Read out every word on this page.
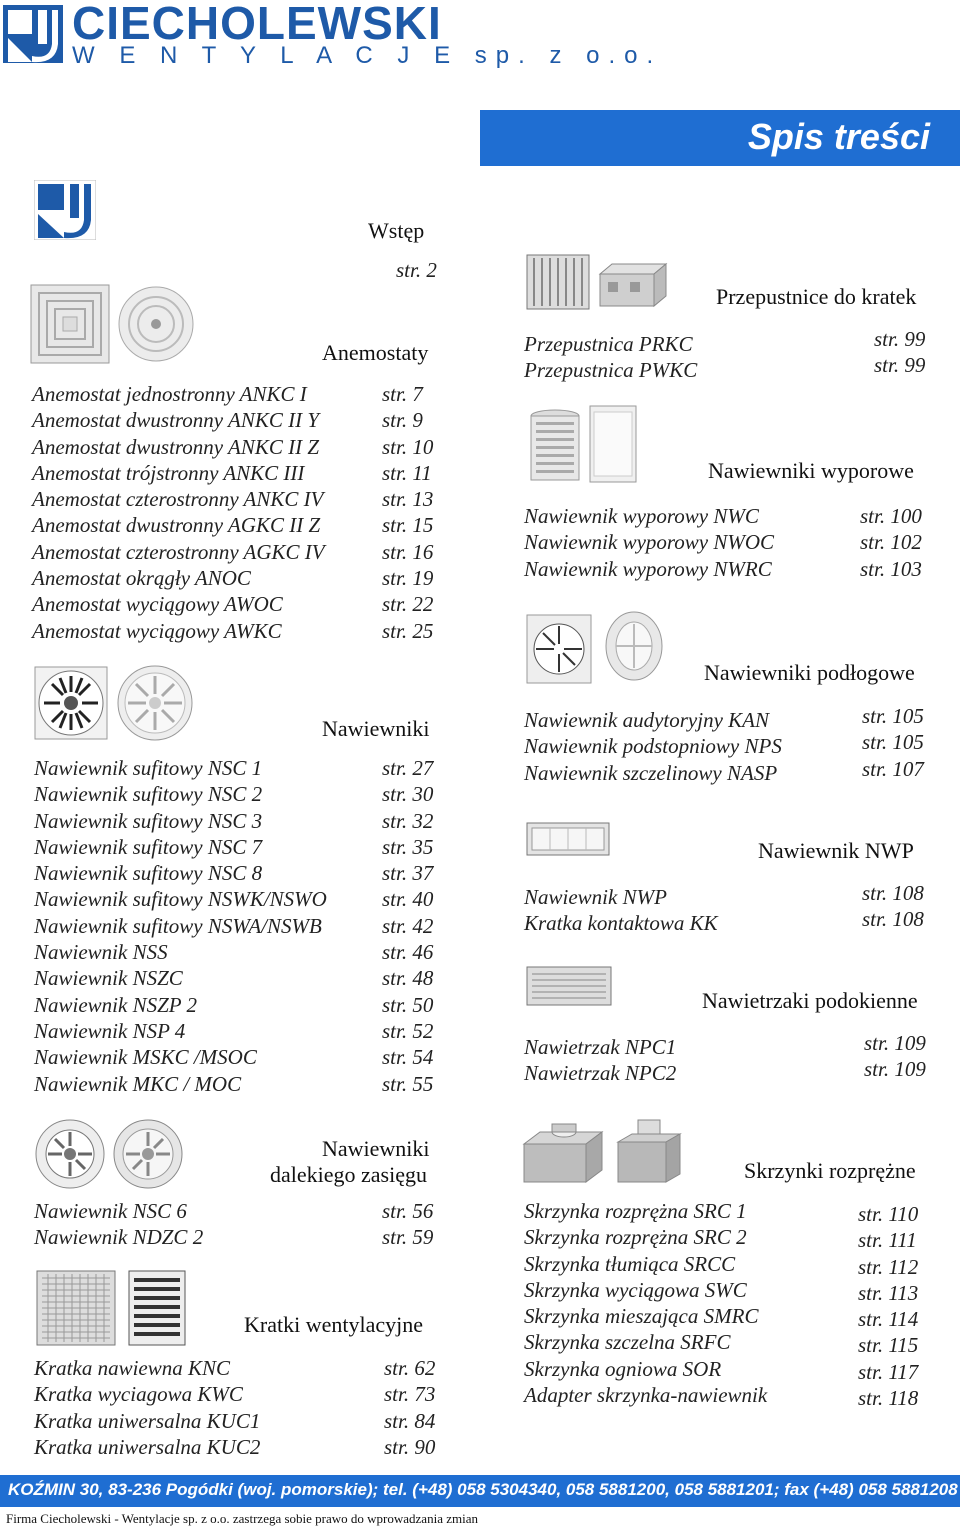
CIECHOLEWSKI
W E N T Y L A C J E sp. z o.o.
Spis treści
Wstęp
str. 2
Anemostaty
Anemostat jednostronny ANKC I
Anemostat dwustronny ANKC II Y
Anemostat dwustronny ANKC II Z
Anemostat trójstronny ANKC III
Anemostat czterostronny ANKC IV
Anemostat dwustronny AGKC II Z
Anemostat czterostronny AGKC IV
Anemostat okrągły ANOC
Anemostat wyciągowy AWOC
Anemostat wyciągowy AWKC
str. 7
str. 9
str. 10
str. 11
str. 13
str. 15
str. 16
str. 19
str. 22
str. 25
Nawiewniki
Nawiewnik sufitowy NSC 1
Nawiewnik sufitowy NSC 2
Nawiewnik sufitowy NSC 3
Nawiewnik sufitowy NSC 7
Nawiewnik sufitowy NSC 8
Nawiewnik sufitowy NSWK/NSWO
Nawiewnik sufitowy NSWA/NSWB
Nawiewnik NSS
Nawiewnik NSZC
Nawiewnik NSZP 2
Nawiewnik NSP 4
Nawiewnik MSKC /MSOC
Nawiewnik MKC / MOC
str. 27
str. 30
str. 32
str. 35
str. 37
str. 40
str. 42
str. 46
str. 48
str. 50
str. 52
str. 54
str. 55
Nawiewniki
dalekiego zasięgu
Nawiewnik NSC 6
Nawiewnik NDZC 2
str. 56
str. 59
Kratki wentylacyjne
Kratka nawiewna KNC
Kratka wyciagowa KWC
Kratka uniwersalna KUC1
Kratka uniwersalna KUC2
str. 62
str. 73
str. 84
str. 90
Przepustnice do kratek
Przepustnica PRKC
Przepustnica PWKC
str. 99
str. 99
Nawiewniki wyporowe
Nawiewnik wyporowy NWC
Nawiewnik wyporowy NWOC
Nawiewnik wyporowy NWRC
str. 100
str. 102
str. 103
Nawiewniki podłogowe
Nawiewnik audytoryjny KAN
Nawiewnik podstopniowy NPS
Nawiewnik szczelinowy NASP
str. 105
str. 105
str. 107
Nawiewnik NWP
Nawiewnik NWP
Kratka kontaktowa KK
str. 108
str. 108
Nawietrzaki podokienne
Nawietrzak NPC1
Nawietrzak NPC2
str. 109
str. 109
Skrzynki rozprężne
Skrzynka rozprężna SRC 1
Skrzynka rozprężna SRC 2
Skrzynka tłumiąca SRCC
Skrzynka wyciągowa SWC
Skrzynka mieszająca SMRC
Skrzynka szczelna SRFC
Skrzynka ogniowa SOR
Adapter skrzynka-nawiewnik
str. 110
str. 111
str. 112
str. 113
str. 114
str. 115
str. 117
str. 118
KOŹMIN 30, 83-236 Pogódki (woj. pomorskie); tel. (+48) 058 5304340, 058 5881200, 058 5881201; fax (+48) 058 5881208
Firma Ciecholewski - Wentylacje sp. z o.o. zastrzega sobie prawo do wprowadzania zmian
